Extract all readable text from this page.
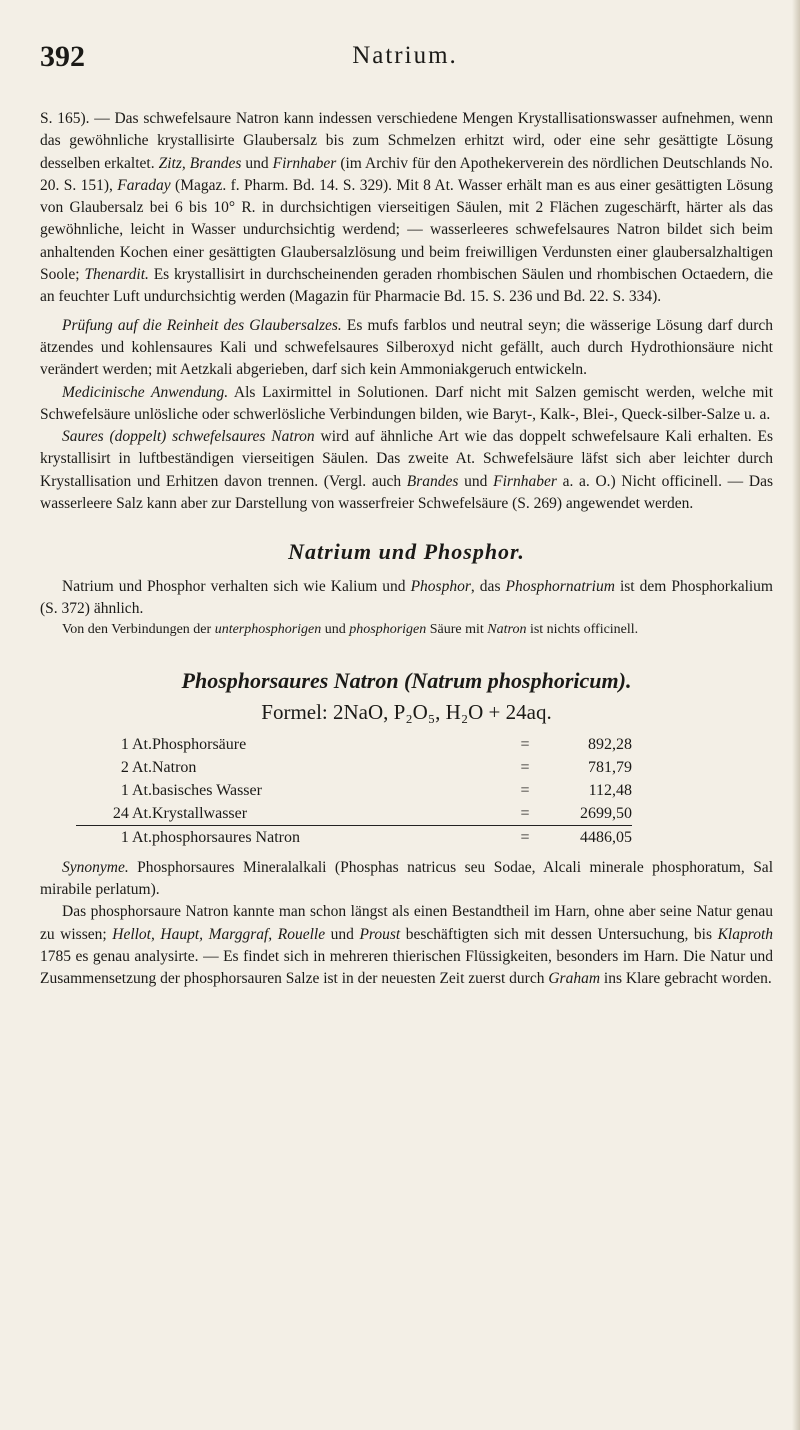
392	Natrium.

S. 165). — Das schwefelsaure Natron kann indessen verschiedene Mengen Krystallisationswasser aufnehmen, wenn das gewöhnliche krystallisirte Glaubersalz bis zum Schmelzen erhitzt wird, oder eine sehr gesättigte Lösung desselben erkaltet. Zitz, Brandes und Firnhaber (im Archiv für den Apothekerverein des nördlichen Deutschlands No. 20. S. 151), Faraday (Magaz. f. Pharm. Bd. 14. S. 329). Mit 8 At. Wasser erhält man es aus einer gesättigten Lösung von Glaubersalz bei 6 bis 10° R. in durchsichtigen vierseitigen Säulen, mit 2 Flächen zugeschärft, härter als das gewöhnliche, leicht in Wasser undurchsichtig werdend; — wasserleeres schwefelsaures Natron bildet sich beim anhaltenden Kochen einer gesättigten Glaubersalzlösung und beim freiwilligen Verdunsten einer glaubersalzhaltigen Soole; Thenardit. Es krystallisirt in durchscheinenden geraden rhombischen Säulen und rhombischen Octaedern, die an feuchter Luft undurchsichtig werden (Magazin für Pharmacie Bd. 15. S. 236 und Bd. 22. S. 334).

Prüfung auf die Reinheit des Glaubersalzes. Es mufs farblos und neutral seyn; die wässerige Lösung darf durch ätzendes und kohlensaures Kali und schwefelsaures Silberoxyd nicht gefällt, auch durch Hydrothionsäure nicht verändert werden; mit Aetzkali abgerieben, darf sich kein Ammoniakgeruch entwickeln.

Medicinische Anwendung. Als Laxirmittel in Solutionen. Darf nicht mit Salzen gemischt werden, welche mit Schwefelsäure unlösliche oder schwerlösliche Verbindungen bilden, wie Baryt-, Kalk-, Blei-, Queck-silber-Salze u. a.

Saures (doppelt) schwefelsaures Natron wird auf ähnliche Art wie das doppelt schwefelsaure Kali erhalten. Es krystallisirt in luftbeständigen vierseitigen Säulen. Das zweite At. Schwefelsäure läfst sich aber leichter durch Krystallisation und Erhitzen davon trennen. (Vergl. auch Brandes und Firnhaber a. a. O.) Nicht officinell. — Das wasserleere Salz kann aber zur Darstellung von wasserfreier Schwefelsäure (S. 269) angewendet werden.

Natrium und Phosphor.

Natrium und Phosphor verhalten sich wie Kalium und Phosphor, das Phosphornatrium ist dem Phosphorkalium (S. 372) ähnlich.

Von den Verbindungen der unterphosphorigen und phosphorigen Säure mit Natron ist nichts officinell.

Phosphorsaures Natron (Natrum phosphoricum).
Formel: 2NaO, P₂O₅, H₂O + 24aq.
1 At.	Phosphorsäure	=	892,28
2 At.	Natron	=	781,79
1 At.	basisches Wasser	=	112,48
24 At.	Krystallwasser	=	2699,50
1 At.	phosphorsaures Natron	=	4486,05

Synonyme. Phosphorsaures Mineralalkali (Phosphas natricus seu Sodae, Alcali minerale phosphoratum, Sal mirabile perlatum).

Das phosphorsaure Natron kannte man schon längst als einen Bestandtheil im Harn, ohne aber seine Natur genau zu wissen; Hellot, Haupt, Marggraf, Rouelle und Proust beschäftigten sich mit dessen Untersuchung, bis Klaproth 1785 es genau analysirte. — Es findet sich in mehreren thierischen Flüssigkeiten, besonders im Harn. Die Natur und Zusammensetzung der phosphorsauren Salze ist in der neuesten Zeit zuerst durch Graham ins Klare gebracht worden.
